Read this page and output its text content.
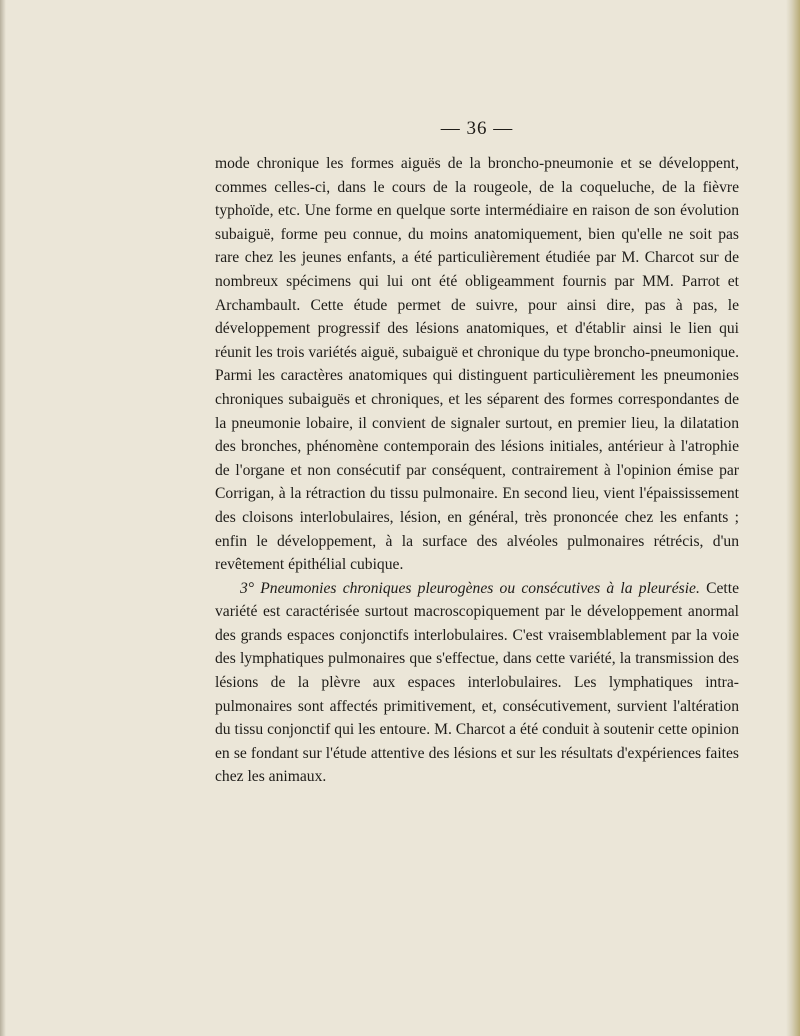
— 36 —

mode chronique les formes aiguës de la broncho-pneumonie et se développent, commes celles-ci, dans le cours de la rougeole, de la coqueluche, de la fièvre typhoïde, etc. Une forme en quelque sorte intermédiaire en raison de son évolution subaiguë, forme peu connue, du moins anatomiquement, bien qu'elle ne soit pas rare chez les jeunes enfants, a été particulièrement étudiée par M. Charcot sur de nombreux spécimens qui lui ont été obligeamment fournis par MM. Parrot et Archambault. Cette étude permet de suivre, pour ainsi dire, pas à pas, le développement progressif des lésions anatomiques, et d'établir ainsi le lien qui réunit les trois variétés aiguë, subaiguë et chronique du type broncho-pneumonique. Parmi les caractères anatomiques qui distinguent particulièrement les pneumonies chroniques subaiguës et chroniques, et les séparent des formes correspondantes de la pneumonie lobaire, il convient de signaler surtout, en premier lieu, la dilatation des bronches, phénomène contemporain des lésions initiales, antérieur à l'atrophie de l'organe et non consécutif par conséquent, contrairement à l'opinion émise par Corrigan, à la rétraction du tissu pulmonaire. En second lieu, vient l'épaississement des cloisons interlobulaires, lésion, en général, très prononcée chez les enfants ; enfin le développement, à la surface des alvéoles pulmonaires rétrécis, d'un revêtement épithélial cubique.

3° Pneumonies chroniques pleurogènes ou consécutives à la pleurésie. Cette variété est caractérisée surtout macroscopiquement par le développement anormal des grands espaces conjonctifs interlobulaires. C'est vraisemblablement par la voie des lymphatiques pulmonaires que s'effectue, dans cette variété, la transmission des lésions de la plèvre aux espaces interlobulaires. Les lymphatiques intra-pulmonaires sont affectés primitivement, et, consécutivement, survient l'altération du tissu conjonctif qui les entoure. M. Charcot a été conduit à soutenir cette opinion en se fondant sur l'étude attentive des lésions et sur les résultats d'expériences faites chez les animaux.
